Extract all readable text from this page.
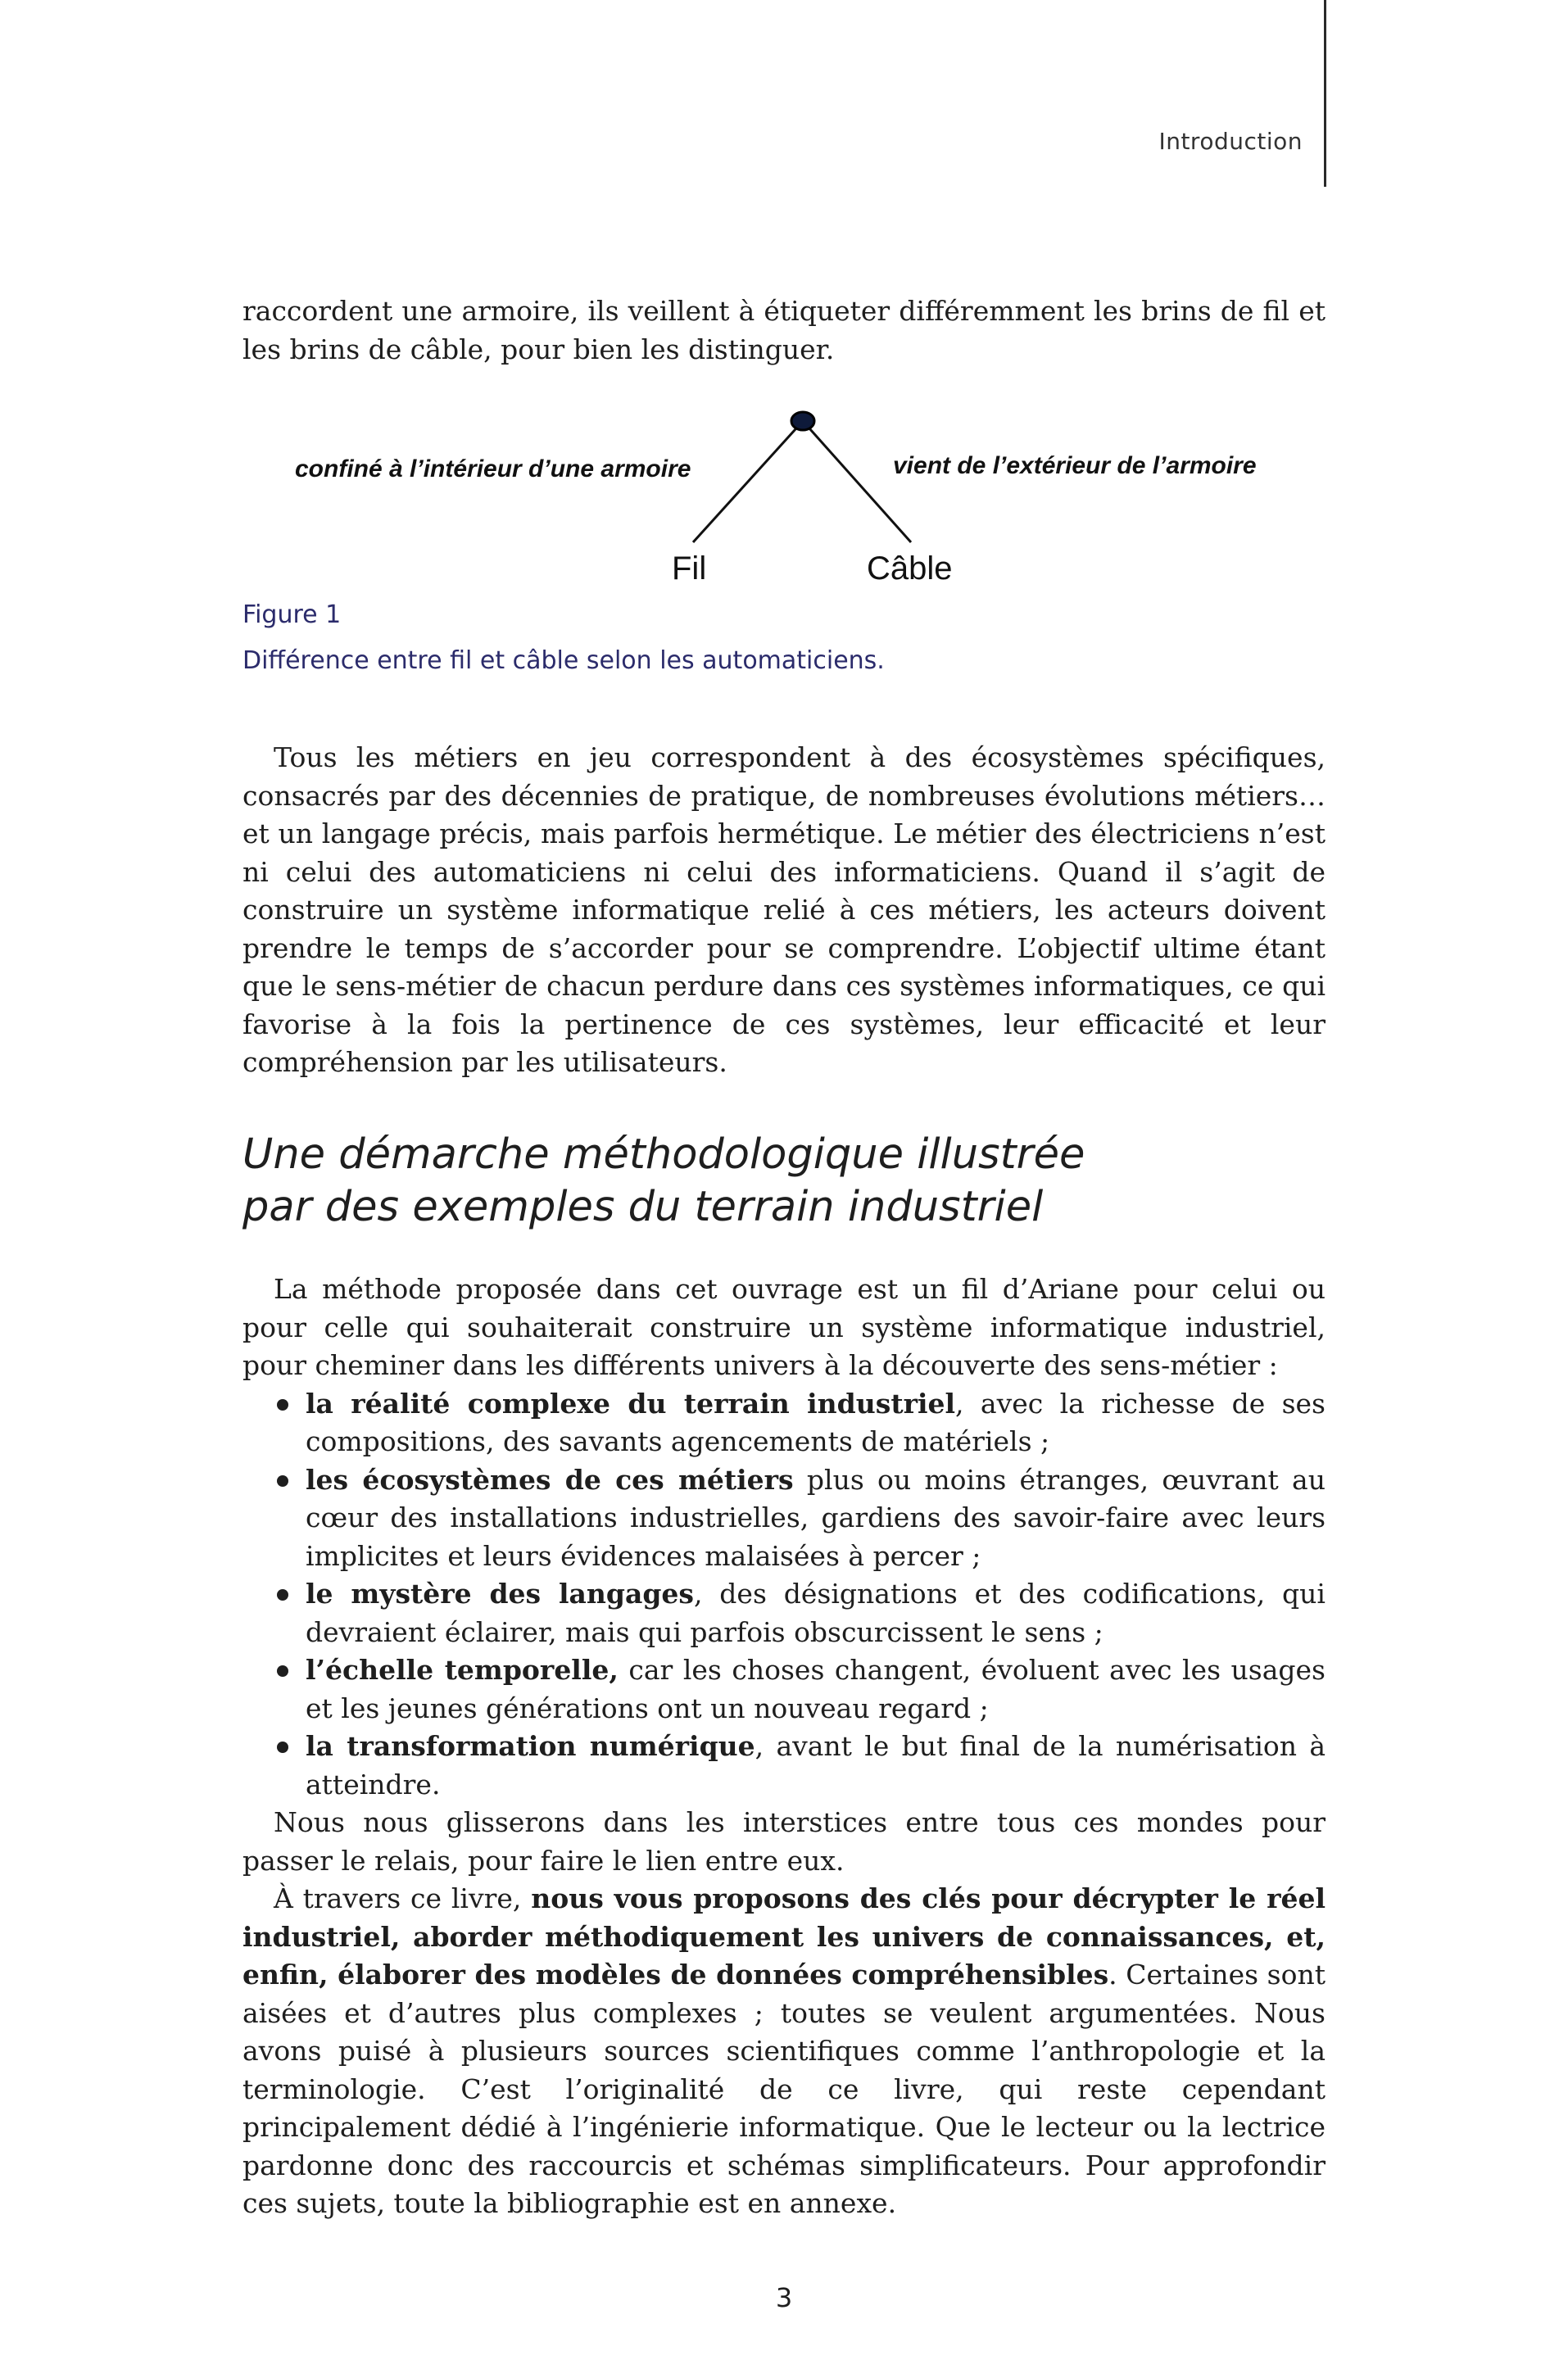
Introduction

raccordent une armoire, ils veillent à étiqueter différemment les brins de fil et les brins de câble, pour bien les distinguer.

confiné à l’intérieur d’une armoire	vient de l’extérieur de l’armoire
Fil	Câble
Figure 1
Différence entre fil et câble selon les automaticiens.

Tous les métiers en jeu correspondent à des écosystèmes spécifiques, consacrés par des décennies de pratique, de nombreuses évolutions métiers… et un langage précis, mais parfois hermétique. Le métier des électriciens n’est ni celui des automaticiens ni celui des informaticiens. Quand il s’agit de construire un système informatique relié à ces métiers, les acteurs doivent prendre le temps de s’accorder pour se comprendre. L’objectif ultime étant que le sens-métier de chacun perdure dans ces systèmes informatiques, ce qui favorise à la fois la pertinence de ces systèmes, leur efficacité et leur compréhension par les utilisateurs.

Une démarche méthodologique illustrée
par des exemples du terrain industriel

La méthode proposée dans cet ouvrage est un fil d’Ariane pour celui ou pour celle qui souhaiterait construire un système informatique industriel, pour cheminer dans les différents univers à la découverte des sens-métier :

la réalité complexe du terrain industriel, avec la richesse de ses compositions, des savants agencements de matériels ;
les écosystèmes de ces métiers plus ou moins étranges, œuvrant au cœur des installations industrielles, gardiens des savoir-faire avec leurs implicites et leurs évidences malaisées à percer ;
le mystère des langages, des désignations et des codifications, qui devraient éclairer, mais qui parfois obscurcissent le sens ;
l’échelle temporelle, car les choses changent, évoluent avec les usages et les jeunes générations ont un nouveau regard ;
la transformation numérique, avant le but final de la numérisation à atteindre.

Nous nous glisserons dans les interstices entre tous ces mondes pour passer le relais, pour faire le lien entre eux.

À travers ce livre, nous vous proposons des clés pour décrypter le réel industriel, aborder méthodiquement les univers de connaissances, et, enfin, élaborer des modèles de données compréhensibles. Certaines sont aisées et d’autres plus complexes ; toutes se veulent argumentées. Nous avons puisé à plusieurs sources scientifiques comme l’anthropologie et la terminologie. C’est l’originalité de ce livre, qui reste cependant principalement dédié à l’ingénierie informatique. Que le lecteur ou la lectrice pardonne donc des raccourcis et schémas simplificateurs. Pour approfondir ces sujets, toute la bibliographie est en annexe.

3
